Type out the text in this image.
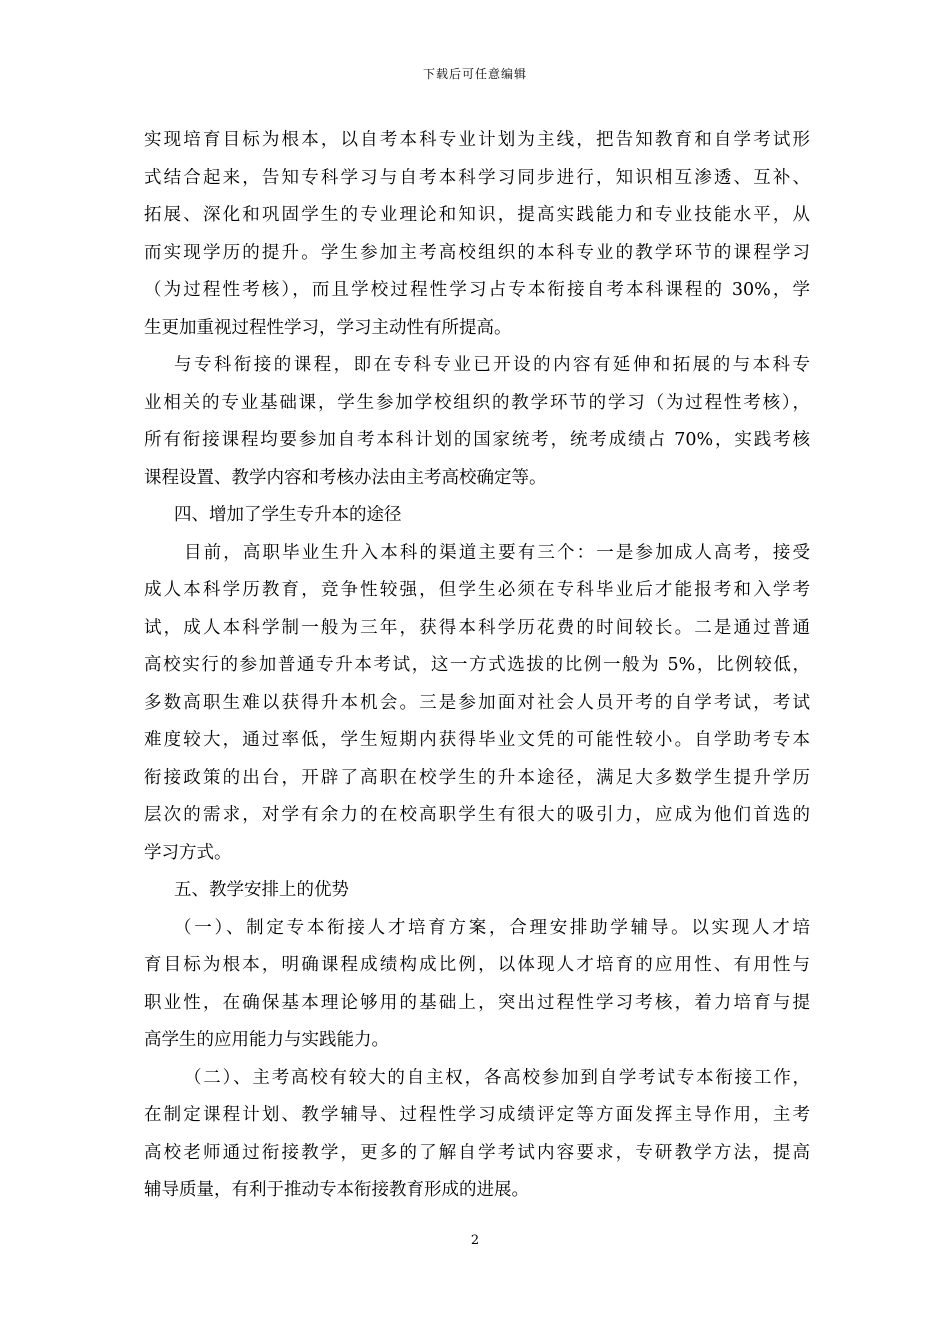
下载后可任意编辑
实现培育目标为根本，以自考本科专业计划为主线，把告知教育和自学考试形
式结合起来，告知专科学习与自考本科学习同步进行，知识相互渗透、互补、
拓展、深化和巩固学生的专业理论和知识，提高实践能力和专业技能水平，从
而实现学历的提升。学生参加主考高校组织的本科专业的教学环节的课程学习
（为过程性考核），而且学校过程性学习占专本衔接自考本科课程的 30%，学
生更加重视过程性学习，学习主动性有所提高。
与专科衔接的课程，即在专科专业已开设的内容有延伸和拓展的与本科专
业相关的专业基础课，学生参加学校组织的教学环节的学习（为过程性考核），
所有衔接课程均要参加自考本科计划的国家统考，统考成绩占 70%，实践考核
课程设置、教学内容和考核办法由主考高校确定等。
四、增加了学生专升本的途径
目前，高职毕业生升入本科的渠道主要有三个：一是参加成人高考，接受
成人本科学历教育，竞争性较强，但学生必须在专科毕业后才能报考和入学考
试，成人本科学制一般为三年，获得本科学历花费的时间较长。二是通过普通
高校实行的参加普通专升本考试，这一方式选拔的比例一般为 5%，比例较低，
多数高职生难以获得升本机会。三是参加面对社会人员开考的自学考试，考试
难度较大，通过率低，学生短期内获得毕业文凭的可能性较小。自学助考专本
衔接政策的出台，开辟了高职在校学生的升本途径，满足大多数学生提升学历
层次的需求，对学有余力的在校高职学生有很大的吸引力，应成为他们首选的
学习方式。
五、教学安排上的优势
（一）、制定专本衔接人才培育方案，合理安排助学辅导。以实现人才培
育目标为根本，明确课程成绩构成比例，以体现人才培育的应用性、有用性与
职业性，在确保基本理论够用的基础上，突出过程性学习考核，着力培育与提
高学生的应用能力与实践能力。
（二）、主考高校有较大的自主权，各高校参加到自学考试专本衔接工作，
在制定课程计划、教学辅导、过程性学习成绩评定等方面发挥主导作用，主考
高校老师通过衔接教学，更多的了解自学考试内容要求，专研教学方法，提高
辅导质量，有利于推动专本衔接教育形成的进展。
2
